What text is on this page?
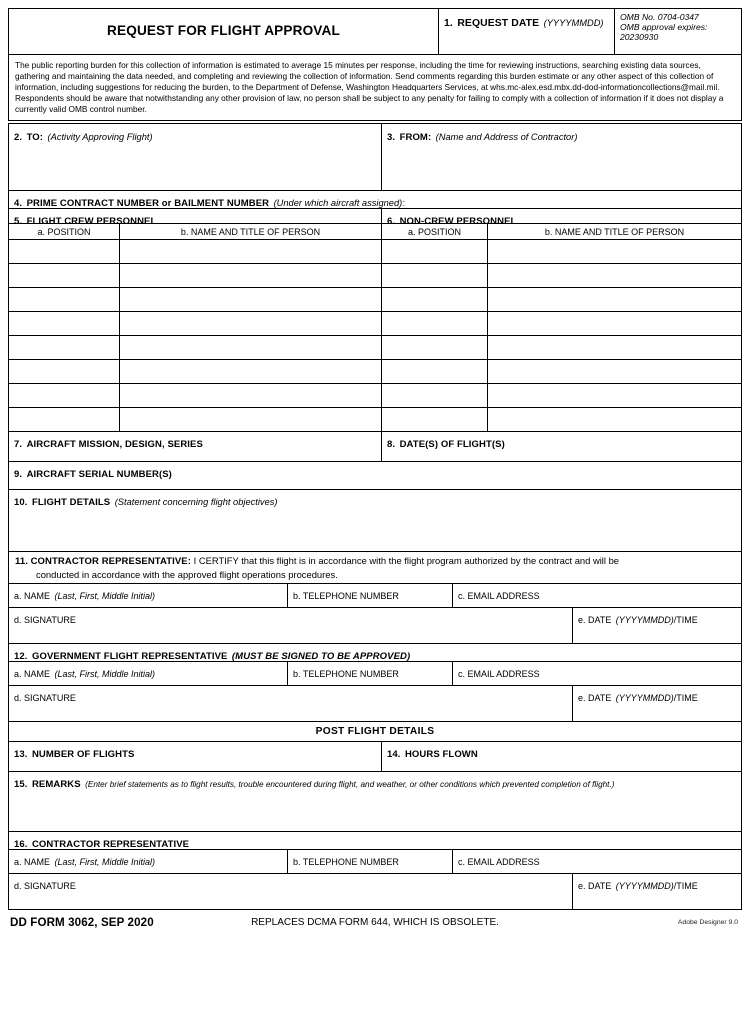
REQUEST FOR FLIGHT APPROVAL	1. REQUEST DATE (YYYYMMDD)
OMB No. 0704-0347
OMB approval expires:
20230930
The public reporting burden for this collection of information is estimated to average 15 minutes per response, including the time for reviewing instructions, searching existing data sources, gathering and maintaining the data needed, and completing and reviewing the collection of information. Send comments regarding this burden estimate or any other aspect of this collection of information, including suggestions for reducing the burden, to the Department of Defense, Washington Headquarters Services, at whs.mc-alex.esd.mbx.dd-dod-informationcollections@mail.mil. Respondents should be aware that notwithstanding any other provision of law, no person shall be subject to any penalty for failing to comply with a collection of information if it does not display a currently valid OMB control number.
2. TO: (Activity Approving Flight)	3. FROM: (Name and Address of Contractor)
4. PRIME CONTRACT NUMBER or BAILMENT NUMBER (Under which aircraft assigned):
5. FLIGHT CREW PERSONNEL	6. NON-CREW PERSONNEL
a. POSITION	b. NAME AND TITLE OF PERSON	a. POSITION	b. NAME AND TITLE OF PERSON
7. AIRCRAFT MISSION, DESIGN, SERIES	8. DATE(S) OF FLIGHT(S)
9. AIRCRAFT SERIAL NUMBER(S)
10. FLIGHT DETAILS (Statement concerning flight objectives)
11. CONTRACTOR REPRESENTATIVE: I CERTIFY that this flight is in accordance with the flight program authorized by the contract and will be
conducted in accordance with the approved flight operations procedures.
a. NAME (Last, First, Middle Initial)	b. TELEPHONE NUMBER	c. EMAIL ADDRESS
d. SIGNATURE	e. DATE (YYYYMMDD)/TIME
12. GOVERNMENT FLIGHT REPRESENTATIVE (MUST BE SIGNED TO BE APPROVED)
a. NAME (Last, First, Middle Initial)	b. TELEPHONE NUMBER	c. EMAIL ADDRESS
d. SIGNATURE	e. DATE (YYYYMMDD)/TIME
POST FLIGHT DETAILS
13. NUMBER OF FLIGHTS	14. HOURS FLOWN
15. REMARKS (Enter brief statements as to flight results, trouble encountered during flight, and weather, or other conditions which prevented completion of flight.)
16. CONTRACTOR REPRESENTATIVE
a. NAME (Last, First, Middle Initial)	b. TELEPHONE NUMBER	c. EMAIL ADDRESS
d. SIGNATURE	e. DATE (YYYYMMDD)/TIME
DD FORM 3062, SEP 2020	REPLACES DCMA FORM 644, WHICH IS OBSOLETE.	Adobe Designer 9.0
